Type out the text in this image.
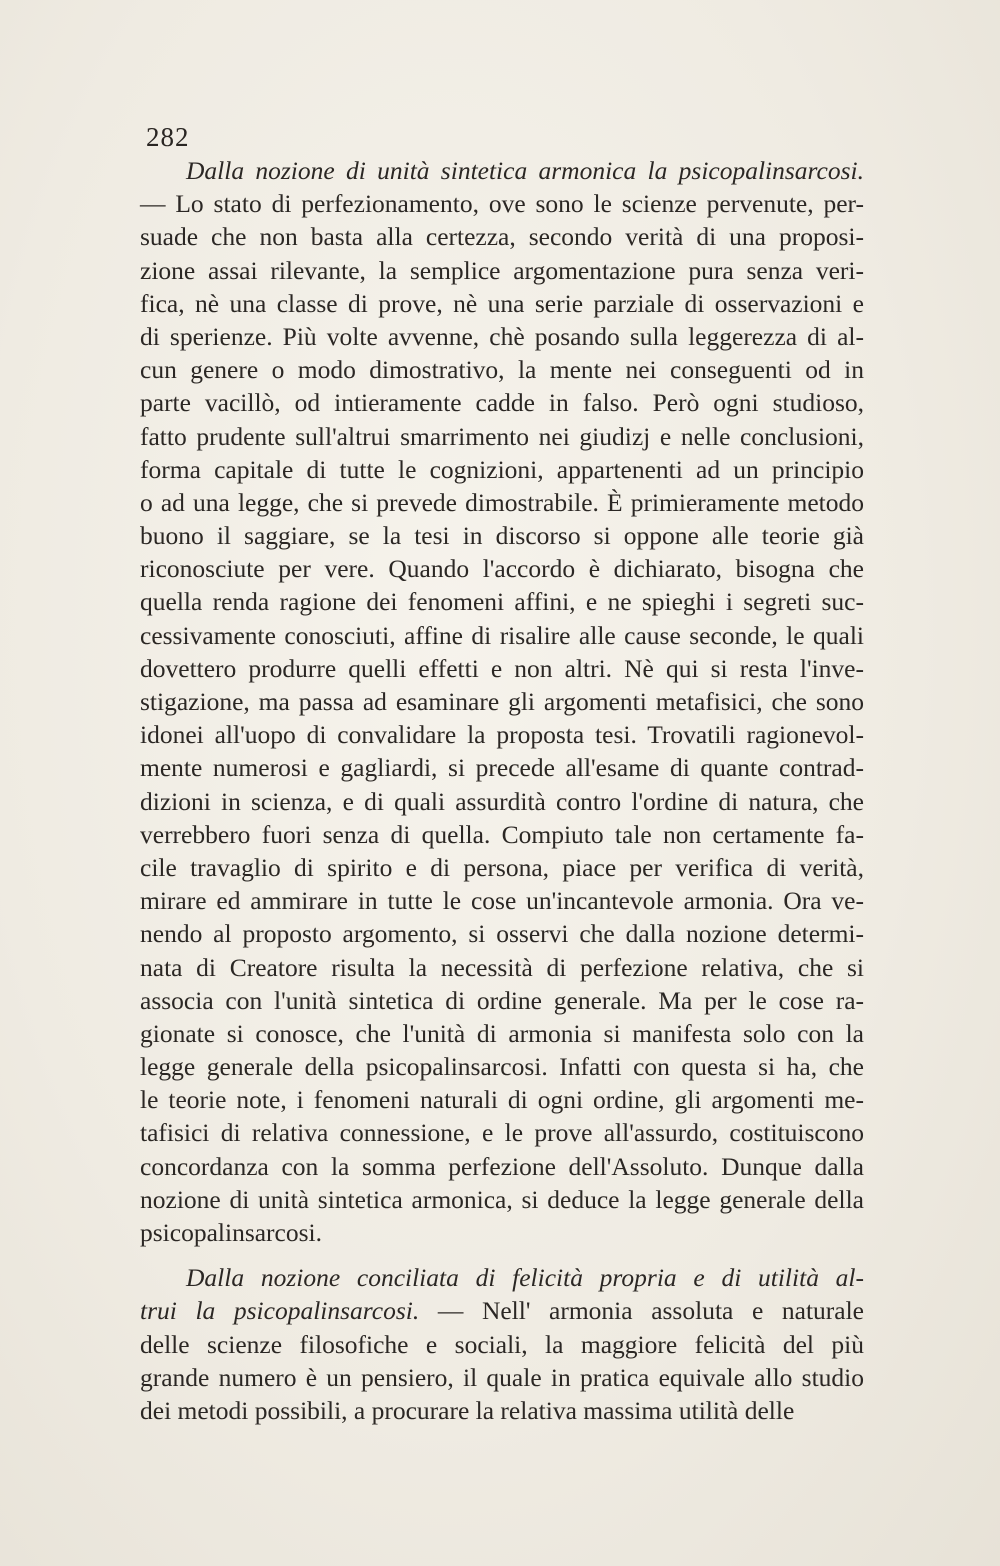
282
Dalla nozione di unità sintetica armonica la psicopalinsarcosi.
— Lo stato di perfezionamento, ove sono le scienze pervenute, per-
suade che non basta alla certezza, secondo verità di una proposi-
zione assai rilevante, la semplice argomentazione pura senza veri-
fica, nè una classe di prove, nè una serie parziale di osservazioni e
di sperienze. Più volte avvenne, chè posando sulla leggerezza di al-
cun genere o modo dimostrativo, la mente nei conseguenti od in
parte vacillò, od intieramente cadde in falso. Però ogni studioso,
fatto prudente sull'altrui smarrimento nei giudizj e nelle conclusioni,
forma capitale di tutte le cognizioni, appartenenti ad un principio
o ad una legge, che si prevede dimostrabile. È primieramente metodo
buono il saggiare, se la tesi in discorso si oppone alle teorie già
riconosciute per vere. Quando l'accordo è dichiarato, bisogna che
quella renda ragione dei fenomeni affini, e ne spieghi i segreti suc-
cessivamente conosciuti, affine di risalire alle cause seconde, le quali
dovettero produrre quelli effetti e non altri. Nè qui si resta l'inve-
stigazione, ma passa ad esaminare gli argomenti metafisici, che sono
idonei all'uopo di convalidare la proposta tesi. Trovatili ragionevol-
mente numerosi e gagliardi, si precede all'esame di quante contrad-
dizioni in scienza, e di quali assurdità contro l'ordine di natura, che
verrebbero fuori senza di quella. Compiuto tale non certamente fa-
cile travaglio di spirito e di persona, piace per verifica di verità,
mirare ed ammirare in tutte le cose un'incantevole armonia. Ora ve-
nendo al proposto argomento, si osservi che dalla nozione determi-
nata di Creatore risulta la necessità di perfezione relativa, che si
associa con l'unità sintetica di ordine generale. Ma per le cose ra-
gionate si conosce, che l'unità di armonia si manifesta solo con la
legge generale della psicopalinsarcosi. Infatti con questa si ha, che
le teorie note, i fenomeni naturali di ogni ordine, gli argomenti me-
tafisici di relativa connessione, e le prove all'assurdo, costituiscono
concordanza con la somma perfezione dell'Assoluto. Dunque dalla
nozione di unità sintetica armonica, si deduce la legge generale della
psicopalinsarcosi.
Dalla nozione conciliata di felicità propria e di utilità al-
trui la psicopalinsarcosi. — Nell' armonia assoluta e naturale
delle scienze filosofiche e sociali, la maggiore felicità del più
grande numero è un pensiero, il quale in pratica equivale allo studio
dei metodi possibili, a procurare la relativa massima utilità delle
